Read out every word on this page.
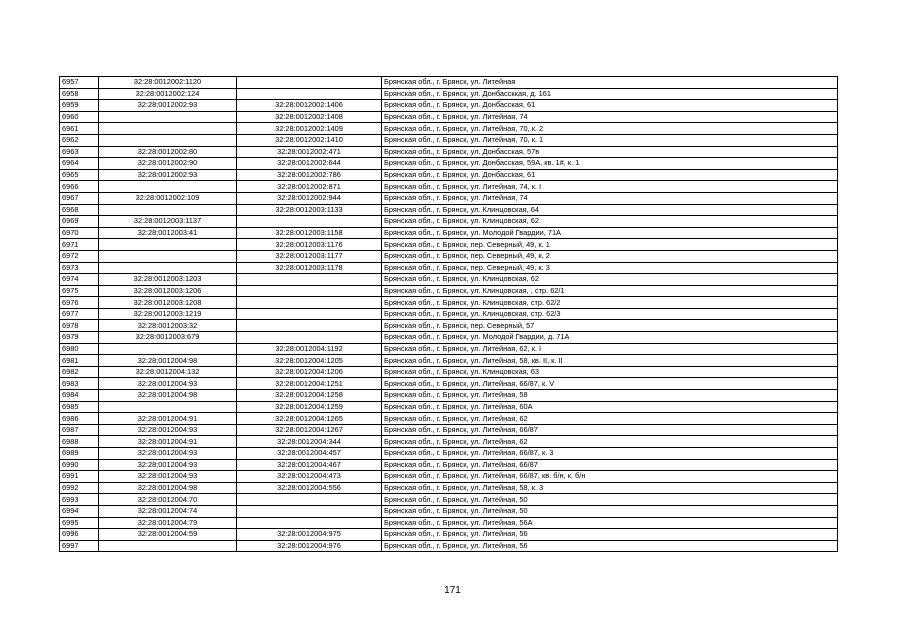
6957	32:28:0012002:1120		Брянская обл., г. Брянск, ул. Литейная
6958	32:28:0012002:124		Брянская обл., г. Брянск, ул. Донбассккая, д. 161
6959	32:28:0012002:93	32:28:0012002:1406	Брянская обл., г. Брянск, ул. Донбасская, 61
6960		32:28:0012002:1408	Брянская обл., г. Брянск, ул. Литейная, 74
6961		32:28:0012002:1409	Брянская обл., г. Брянск, ул. Литейная, 70, к. 2
6962		32:28:0012002:1410	Брянская обл., г. Брянск, ул. Литейная, 70, к. 1
6963	32:28:0012002:80	32:28:0012002:471	Брянская обл., г. Брянск, ул. Донбасская, 57в
6964	32:28:0012002:90	32:28:0012002:644	Брянская обл., г. Брянск, ул. Донбасская, 59А, кв. 1#, к. 1
6965	32:28:0012002:93	32:28:0012002:786	Брянская обл., г. Брянск, ул. Донбасская, 61
6966		32:28:0012002:871	Брянская обл., г. Брянск, ул. Литейная, 74, к. I
6967	32:28:0012002:109	32:28:0012002:944	Брянская обл., г. Брянск, ул. Литейная, 74
6968		32:28:0012003:1133	Брянская обл., г. Брянск, ул. Клинцовская, 64
6969	32:28:0012003:1137		Брянская обл., г. Брянск, ул. Клинцовская, 62
6970	32:28:0012003:41	32:28:0012003:1158	Брянская обл., г. Брянск, ул. Молодой Гвардии, 71А
6971		32:28:0012003:1176	Брянская обл., г. Брянск, пер. Северный, 49, к. 1
6972		32:28:0012003:1177	Брянская обл., г. Брянск, пер. Северный, 49, к. 2
6973		32:28:0012003:1178	Брянская обл., г. Брянск, пер. Северный, 49, к. 3
6974	32:28:0012003:1203		Брянская обл., г. Брянск, ул. Клинцовская, 62
6975	32:28:0012003:1206		Брянская обл., г. Брянск, ул. Клинцовская, , стр. 62/1
6976	32:28:0012003:1208		Брянская обл., г. Брянск, ул. Клинцовская, стр. 62/2
6977	32:28:0012003:1219		Брянская обл., г. Брянск, ул. Клинцовская, стр. 62/3
6978	32:28:0012003:32		Брянская обл., г. Брянск, пер. Северный, 57
6979	32:28:0012003:679		Брянская обл., г. Брянск, ул. Молодой Гвардии, д. 71А
6980		32:28:0012004:1192	Брянская обл., г. Брянск, ул. Литейная, 62, к. I
6981	32:28:0012004:98	32:28:0012004:1205	Брянская обл., г. Брянск, ул. Литейная, 58, кв. II, к. II
6982	32:28:0012004:132	32:28:0012004:1206	Брянская обл., г. Брянск, ул. Клинцовская, 63
6983	32:28:0012004:93	32:28:0012004:1251	Брянская обл., г. Брянск, ул. Литейная, 66/87, к. V
6984	32:28:0012004:98	32:28:0012004:1258	Брянская обл., г. Брянск, ул. Литейная, 58
6985		32:28:0012004:1259	Брянская обл., г. Брянск, ул. Литейная, 60А
6986	32:28:0012004:91	32:28:0012004:1265	Брянская обл., г. Брянск, ул. Литейная, 62
6987	32:28:0012004:93	32:28:0012004:1267	Брянская обл., г. Брянск, ул. Литейная, 66/87
6988	32:28:0012004:91	32:28:0012004:344	Брянская обл., г. Брянск, ул. Литейная, 62
6989	32:28:0012004:93	32:28:0012004:457	Брянская обл., г. Брянск, ул. Литейная, 66/87, к. 3
6990	32:28:0012004:93	32:28:0012004:467	Брянская обл., г. Брянск, ул. Литейная, 66/87
6991	32:28:0012004:93	32:28:0012004:473	Брянская обл., г. Брянск, ул. Литейная, 66/87, кв. б/н, к. б/н
6992	32:28:0012004:98	32:28:0012004:556	Брянская обл., г. Брянск, ул. Литейная, 58, к. 3
6993	32:28:0012004:70		Брянская обл., г. Брянск, ул. Литейная, 50
6994	32:28:0012004:74		Брянская обл., г. Брянск, ул. Литейная, 50
6995	32:28:0012004:79		Брянская обл., г. Брянск, ул. Литейная, 56А
6996	32:28:0012004:59	32:28:0012004:975	Брянская обл., г. Брянск, ул. Литейная, 56
6997		32:28:0012004:976	Брянская обл., г. Брянск, ул. Литейная, 56
171
